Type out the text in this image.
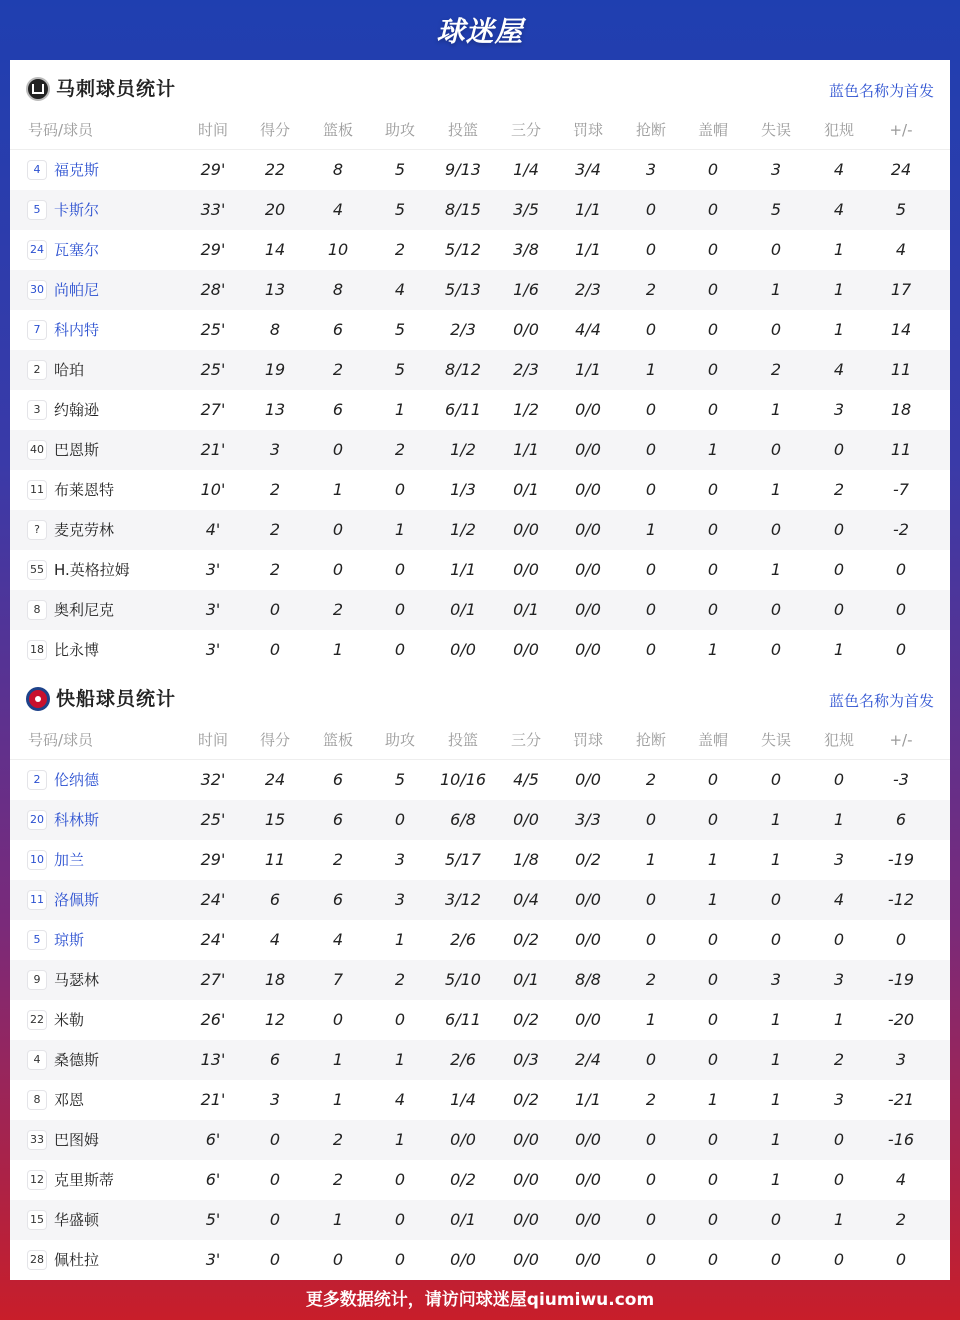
球迷屋
马刺球员统计	蓝色名称为首发
号码/球员	时间	得分	篮板	助攻	投篮	三分	罚球	抢断	盖帽	失误	犯规	+/-
4 福克斯	29'	22	8	5	9/13	1/4	3/4	3	0	3	4	24
5 卡斯尔	33'	20	4	5	8/15	3/5	1/1	0	0	5	4	5
24 瓦塞尔	29'	14	10	2	5/12	3/8	1/1	0	0	0	1	4
30 尚帕尼	28'	13	8	4	5/13	1/6	2/3	2	0	1	1	17
7 科内特	25'	8	6	5	2/3	0/0	4/4	0	0	0	1	14
2 哈珀	25'	19	2	5	8/12	2/3	1/1	1	0	2	4	11
3 约翰逊	27'	13	6	1	6/11	1/2	0/0	0	0	1	3	18
40 巴恩斯	21'	3	0	2	1/2	1/1	0/0	0	1	0	0	11
11 布莱恩特	10'	2	1	0	1/3	0/1	0/0	0	0	1	2	-7
? 麦克劳林	4'	2	0	1	1/2	0/0	0/0	1	0	0	0	-2
55 H.英格拉姆	3'	2	0	0	1/1	0/0	0/0	0	0	1	0	0
8 奥利尼克	3'	0	2	0	0/1	0/1	0/0	0	0	0	0	0
18 比永博	3'	0	1	0	0/0	0/0	0/0	0	1	0	1	0
快船球员统计	蓝色名称为首发
号码/球员	时间	得分	篮板	助攻	投篮	三分	罚球	抢断	盖帽	失误	犯规	+/-
2 伦纳德	32'	24	6	5	10/16	4/5	0/0	2	0	0	0	-3
20 科林斯	25'	15	6	0	6/8	0/0	3/3	0	0	1	1	6
10 加兰	29'	11	2	3	5/17	1/8	0/2	1	1	1	3	-19
11 洛佩斯	24'	6	6	3	3/12	0/4	0/0	0	1	0	4	-12
5 琼斯	24'	4	4	1	2/6	0/2	0/0	0	0	0	0	0
9 马瑟林	27'	18	7	2	5/10	0/1	8/8	2	0	3	3	-19
22 米勒	26'	12	0	0	6/11	0/2	0/0	1	0	1	1	-20
4 桑德斯	13'	6	1	1	2/6	0/3	2/4	0	0	1	2	3
8 邓恩	21'	3	1	4	1/4	0/2	1/1	2	1	1	3	-21
33 巴图姆	6'	0	2	1	0/0	0/0	0/0	0	0	1	0	-16
12 克里斯蒂	6'	0	2	0	0/2	0/0	0/0	0	0	1	0	4
15 华盛顿	5'	0	1	0	0/1	0/0	0/0	0	0	0	1	2
28 佩杜拉	3'	0	0	0	0/0	0/0	0/0	0	0	0	0	0
更多数据统计，请访问球迷屋qiumiwu.com
